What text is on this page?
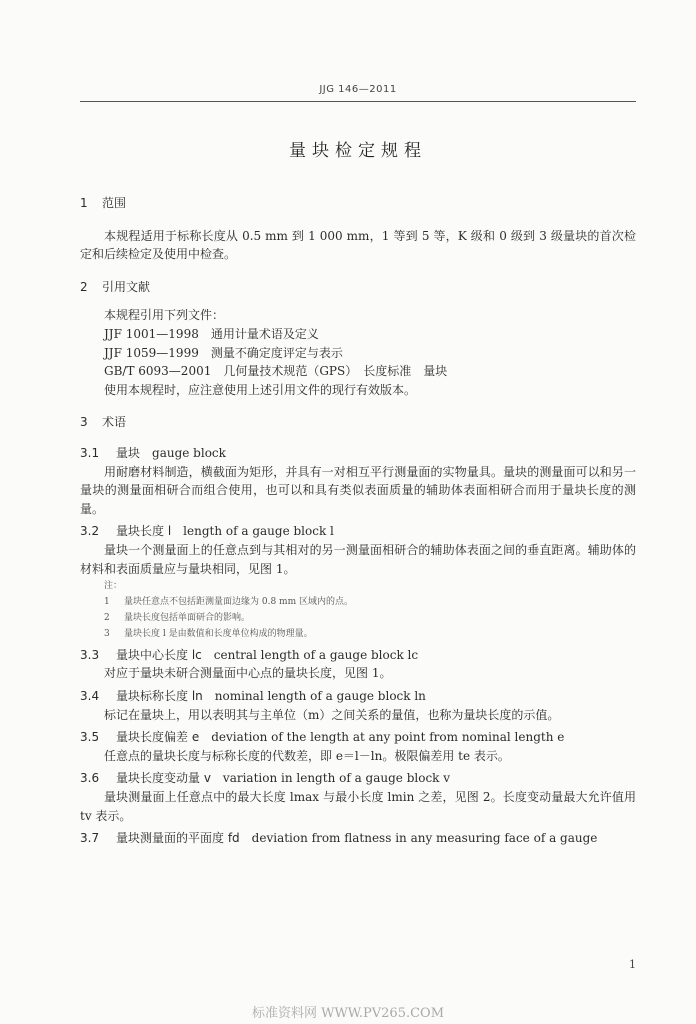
JJG 146—2011
量块检定规程
1 范围

本规程适用于标称长度从 0.5 mm 到 1 000 mm，1 等到 5 等，K 级和 0 级到 3 级量块的首次检定和后续检定及使用中检查。

2 引用文献

本规程引用下列文件：

JJF 1001—1998　通用计量术语及定义

JJF 1059—1999　测量不确定度评定与表示

GB/T 6093—2001　几何量技术规范（GPS）　长度标准　量块

使用本规程时，应注意使用上述引用文件的现行有效版本。

3 术语
3.1 量块 gauge block

用耐磨材料制造，横截面为矩形，并具有一对相互平行测量面的实物量具。量块的测量面可以和另一量块的测量面相研合而组合使用，也可以和具有类似表面质量的辅助体表面相研合而用于量块长度的测量。

3.2 量块长度 l length of a gauge block l

量块一个测量面上的任意点到与其相对的另一测量面相研合的辅助体表面之间的垂直距离。辅助体的材料和表面质量应与量块相同，见图 1。

注：

1 量块任意点不包括距测量面边缘为 0.8 mm 区域内的点。

2 量块长度包括单面研合的影响。

3 量块长度 l 是由数值和长度单位构成的物理量。

3.3 量块中心长度 lc central length of a gauge block lc

对应于量块未研合测量面中心点的量块长度，见图 1。

3.4 量块标称长度 ln nominal length of a gauge block ln

标记在量块上，用以表明其与主单位（m）之间关系的量值，也称为量块长度的示值。

3.5 量块长度偏差 e deviation of the length at any point from nominal length e

任意点的量块长度与标称长度的代数差，即 e＝l－ln。极限偏差用 te 表示。

3.6 量块长度变动量 v variation in length of a gauge block v

量块测量面上任意点中的最大长度 lmax 与最小长度 lmin 之差，见图 2。长度变动量最大允许值用 tv 表示。

3.7 量块测量面的平面度 fd deviation from flatness in any measuring face of a gauge
1
标准资料网 WWW.PV265.COM
